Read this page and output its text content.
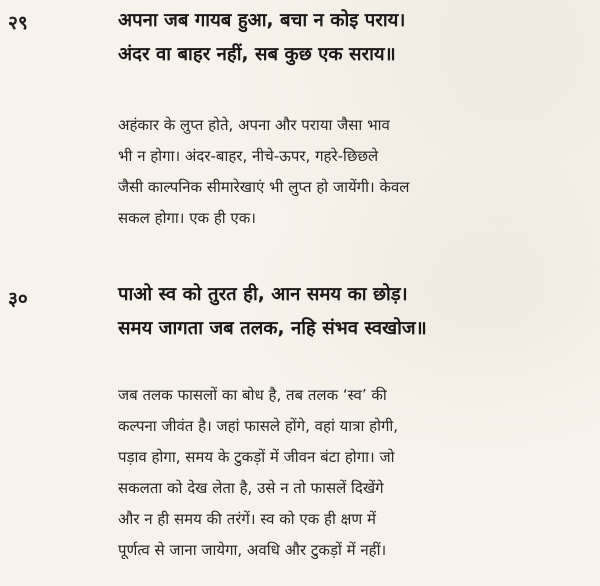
२९	अपना जब गायब हुआ, बचा न कोइ पराय।
अंदर वा बाहर नहीं, सब कुछ एक सराय॥
अहंकार के लुप्त होते, अपना और पराया जैसा भाव
भी न होगा। अंदर-बाहर, नीचे-ऊपर, गहरे-छिछले
जैसी काल्पनिक सीमारेखाएं भी लुप्त हो जायेंगी। केवल
सकल होगा। एक ही एक।
३०	पाओ स्व को तुरत ही, आन समय का छोड़।
समय जागता जब तलक, नहि संभव स्वखोज॥
जब तलक फासलों का बोध है, तब तलक ‘स्व’ की
कल्पना जीवंत है। जहां फासले होंगे, वहां यात्रा होगी,
पड़ाव होगा, समय के टुकड़ों में जीवन बंटा होगा। जो
सकलता को देख लेता है, उसे न तो फासलें दिखेंगे
और न ही समय की तरंगें। स्व को एक ही क्षण में
पूर्णत्व से जाना जायेगा, अवधि और टुकड़ों में नहीं।
